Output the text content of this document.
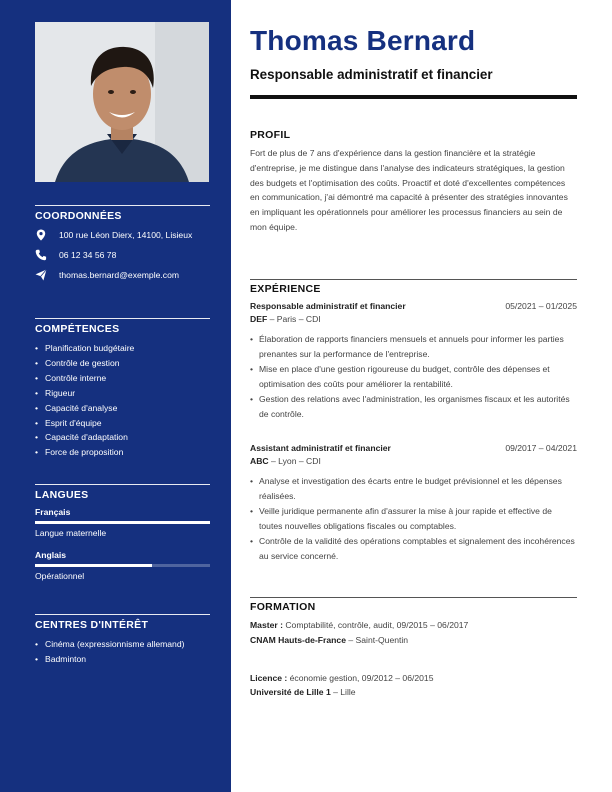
COORDONNÉES
100 rue Léon Dierx, 14100, Lisieux
06 12 34 56 78
thomas.bernard@exemple.com
COMPÉTENCES
• Planification budgétaire
• Contrôle de gestion
• Contrôle interne
• Rigueur
• Capacité d'analyse
• Esprit d'équipe
• Capacité d'adaptation
• Force de proposition
LANGUES
Français
Langue maternelle
Anglais
Opérationnel
CENTRES D'INTÉRÊT
• Cinéma (expressionnisme allemand)
• Badminton
Thomas Bernard
Responsable administratif et financier
PROFIL
Fort de plus de 7 ans d'expérience dans la gestion financière et la stratégie d'entreprise, je me distingue dans l'analyse des indicateurs stratégiques, la gestion des budgets et l'optimisation des coûts. Proactif et doté d'excellentes compétences en communication, j'ai démontré ma capacité à présenter des stratégies innovantes en impliquant les opérationnels pour améliorer les processus financiers au sein de mon équipe.
EXPÉRIENCE
Responsable administratif et financier	05/2021 – 01/2025
DEF – Paris – CDI
• Élaboration de rapports financiers mensuels et annuels pour informer les parties prenantes sur la performance de l'entreprise.
• Mise en place d'une gestion rigoureuse du budget, contrôle des dépenses et optimisation des coûts pour améliorer la rentabilité.
• Gestion des relations avec l'administration, les organismes fiscaux et les autorités de contrôle.
Assistant administratif et financier	09/2017 – 04/2021
ABC – Lyon – CDI
• Analyse et investigation des écarts entre le budget prévisionnel et les dépenses réalisées.
• Veille juridique permanente afin d'assurer la mise à jour rapide et effective de toutes nouvelles obligations fiscales ou comptables.
• Contrôle de la validité des opérations comptables et signalement des incohérences au service concerné.
FORMATION
Master : Comptabilité, contrôle, audit, 09/2015 – 06/2017
CNAM Hauts-de-France – Saint-Quentin
Licence : économie gestion, 09/2012 – 06/2015
Université de Lille 1 – Lille
